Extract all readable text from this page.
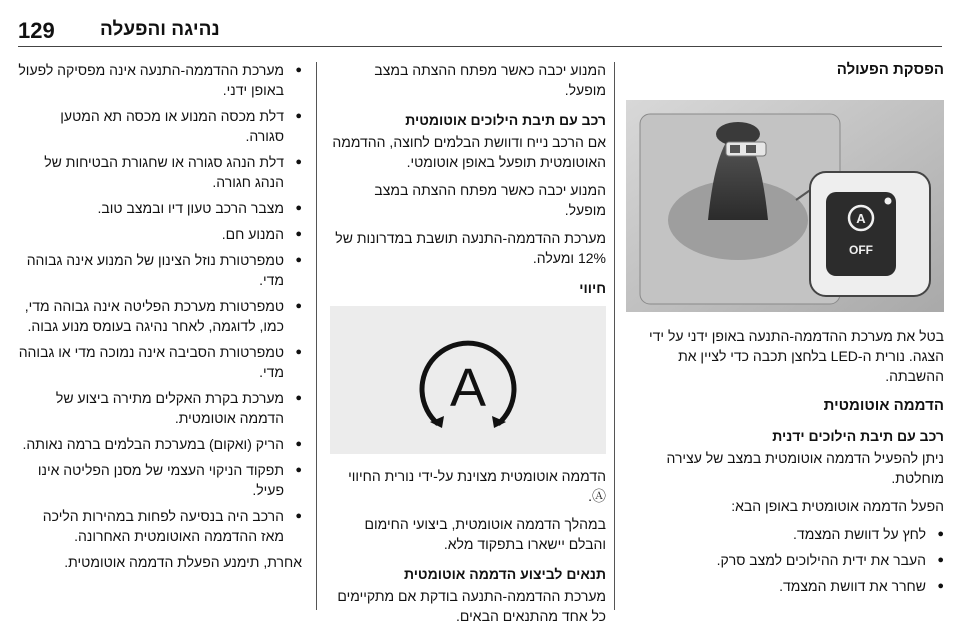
129 נהיגה והפעלה
הפסקת הפעולה
A
OFF

בטל את מערכת ההדממה-התנעה באופן ידני על ידי הצגה. נורית ה-LED בלחצן תכבה כדי לציין את ההשבתה.

הדממה אוטומטית
רכב עם תיבת הילוכים ידנית

ניתן להפעיל הדממה אוטומטית במצב של עצירה מוחלטת.

הפעל הדממה אוטומטית באופן הבא:

● לחץ על דוושת המצמד.
● העבר את ידית ההילוכים למצב סרק.
● שחרר את דוושת המצמד.

המנוע יכבה כאשר מפתח ההצתה במצב מופעל.

רכב עם תיבת הילוכים אוטומטית

אם הרכב נייח ודוושת הבלמים לחוצה, ההדממה האוטומטית תופעל באופן אוטומטי.

המנוע יכבה כאשר מפתח ההצתה במצב מופעל.

מערכת ההדממה-התנעה תושבת במדרונות של 12% ומעלה.

חיווי
A

הדממה אוטומטית מצוינת על-ידי נורית החיווי Ⓐ.

במהלך הדממה אוטומטית, ביצועי החימום והבלם יישארו בתפקוד מלא.

תנאים לביצוע הדממה אוטומטית

מערכת ההדממה-התנעה בודקת אם מתקיימים כל אחד מהתנאים הבאים.

● מערכת ההדממה-התנעה אינה מפסיקה לפעול באופן ידני.
● דלת מכסה המנוע או מכסה תא המטען סגורה.
● דלת הנהג סגורה או שחגורת הבטיחות של הנהג חגורה.
● מצבר הרכב טעון דיו ובמצב טוב.
● המנוע חם.
● טמפרטורת נוזל הצינון של המנוע אינה גבוהה מדי.
● טמפרטורת מערכת הפליטה אינה גבוהה מדי, כמו, לדוגמה, לאחר נהיגה בעומס מנוע גבוה.
● טמפרטורת הסביבה אינה נמוכה מדי או גבוהה מדי.
● מערכת בקרת האקלים מתירה ביצוע של הדממה אוטומטית.
● הריק (ואקום) במערכת הבלמים ברמה נאותה.
● תפקוד הניקוי העצמי של מסנן הפליטה אינו פעיל.
● הרכב היה בנסיעה לפחות במהירות הליכה מאז ההדממה האוטומטית האחרונה.

אחרת, תימנע הפעלת הדממה אוטומטית.
